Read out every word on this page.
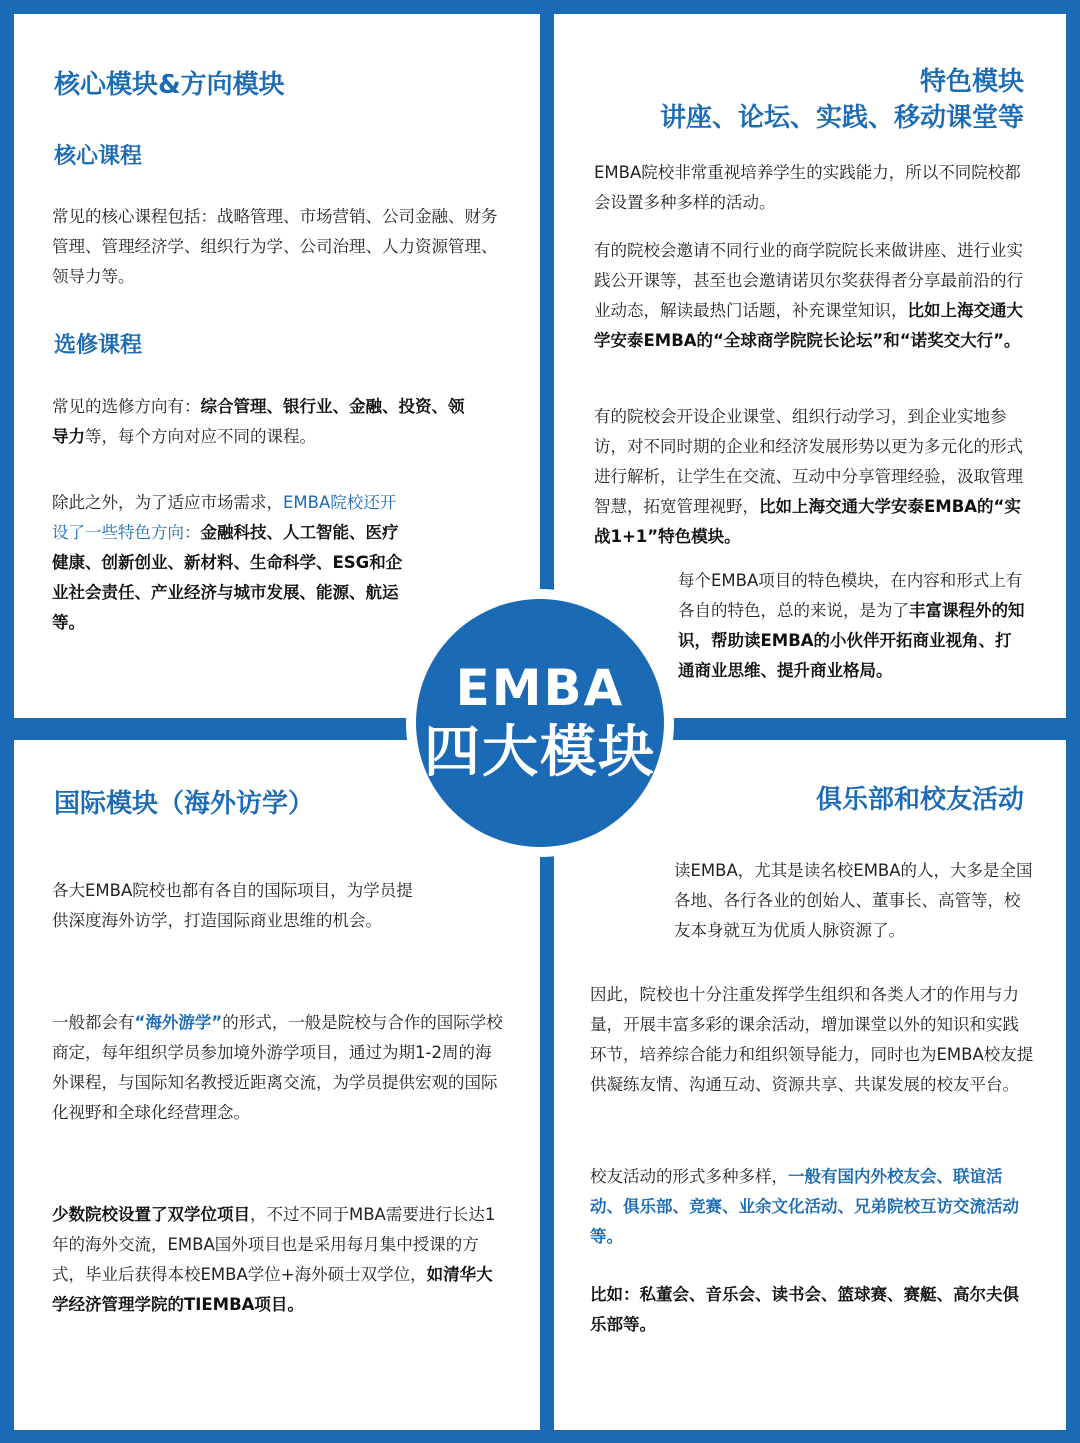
核心模块&方向模块
核心课程

常见的核心课程包括：战略管理、市场营销、公司金融、财务管理、管理经济学、组织行为学、公司治理、人力资源管理、领导力等。

选修课程

常见的选修方向有：综合管理、银行业、金融、投资、领导力等，每个方向对应不同的课程。

除此之外，为了适应市场需求，EMBA院校还开设了一些特色方向：金融科技、人工智能、医疗健康、创新创业、新材料、生命科学、ESG和企业社会责任、产业经济与城市发展、能源、航运等。

特色模块
讲座、论坛、实践、移动课堂等

EMBA院校非常重视培养学生的实践能力，所以不同院校都会设置多种多样的活动。

有的院校会邀请不同行业的商学院院长来做讲座、进行业实践公开课等，甚至也会邀请诺贝尔奖获得者分享最前沿的行业动态，解读最热门话题，补充课堂知识，比如上海交通大学安泰EMBA的“全球商学院院长论坛”和“诺奖交大行”。

有的院校会开设企业课堂、组织行动学习，到企业实地参访，对不同时期的企业和经济发展形势以更为多元化的形式进行解析，让学生在交流、互动中分享管理经验，汲取管理智慧，拓宽管理视野，比如上海交通大学安泰EMBA的“实战1+1”特色模块。

每个EMBA项目的特色模块，在内容和形式上有各自的特色，总的来说，是为了丰富课程外的知识，帮助读EMBA的小伙伴开拓商业视角、打通商业思维、提升商业格局。

国际模块（海外访学）

各大EMBA院校也都有各自的国际项目，为学员提供深度海外访学，打造国际商业思维的机会。

一般都会有“海外游学”的形式，一般是院校与合作的国际学校商定，每年组织学员参加境外游学项目，通过为期1-2周的海外课程，与国际知名教授近距离交流，为学员提供宏观的国际化视野和全球化经营理念。

少数院校设置了双学位项目，不过不同于MBA需要进行长达1年的海外交流，EMBA国外项目也是采用每月集中授课的方式，毕业后获得本校EMBA学位+海外硕士双学位，如清华大学经济管理学院的TIEMBA项目。

俱乐部和校友活动

读EMBA，尤其是读名校EMBA的人，大多是全国各地、各行各业的创始人、董事长、高管等，校友本身就互为优质人脉资源了。

因此，院校也十分注重发挥学生组织和各类人才的作用与力量，开展丰富多彩的课余活动，增加课堂以外的知识和实践环节，培养综合能力和组织领导能力，同时也为EMBA校友提供凝练友情、沟通互动、资源共享、共谋发展的校友平台。

校友活动的形式多种多样，一般有国内外校友会、联谊活动、俱乐部、竞赛、业余文化活动、兄弟院校互访交流活动等。

比如：私董会、音乐会、读书会、篮球赛、赛艇、高尔夫俱乐部等。

EMBA
四大模块
